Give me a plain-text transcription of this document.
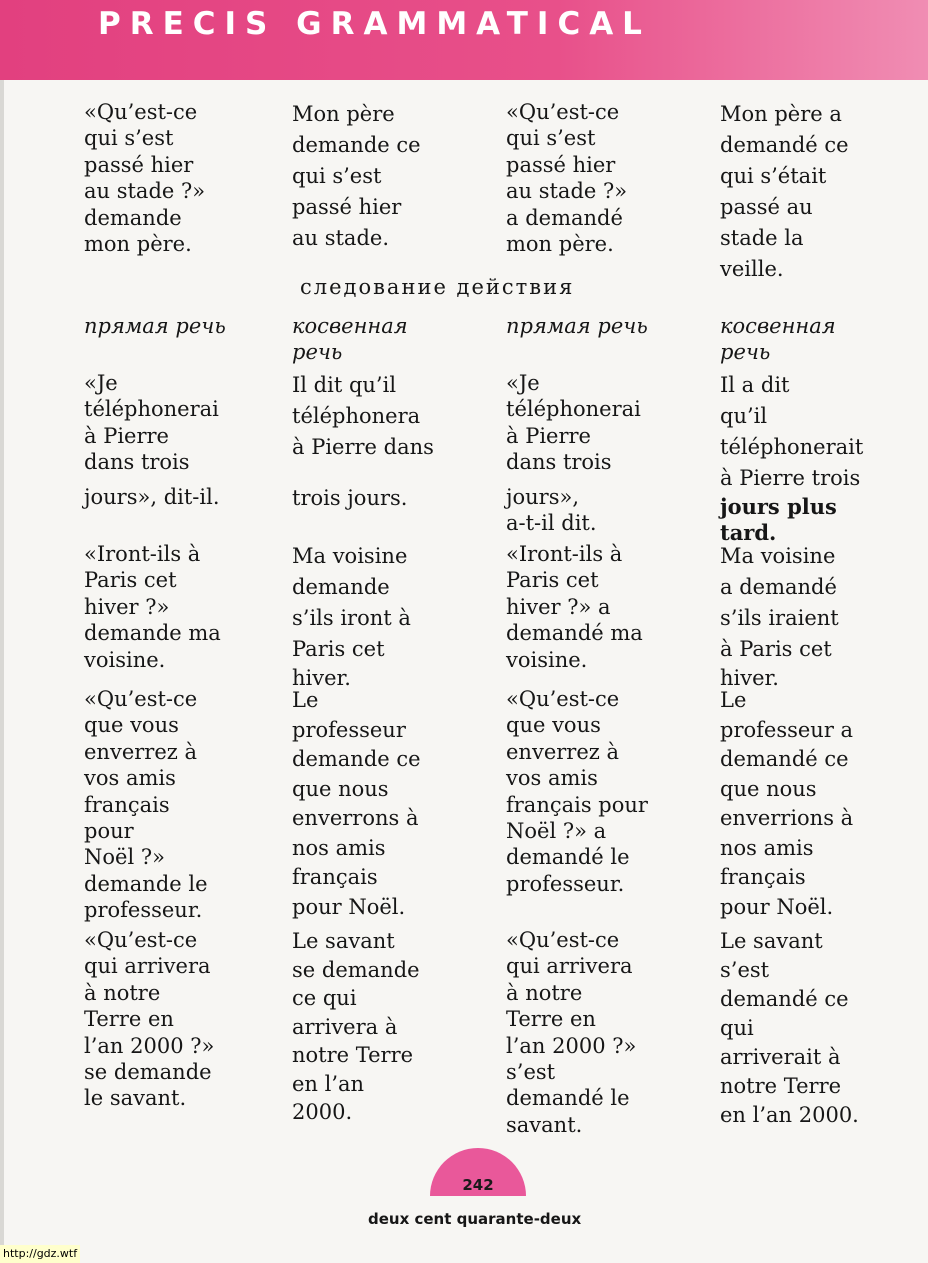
PRECIS GRAMMATICAL
«Qu’est-ce
qui s’est
passé hier
au stade ?»
demande
mon père.
Mon père
demande ce
qui s’est
passé hier
au stade.
«Qu’est-ce
qui s’est
passé hier
au stade ?»
a demandé
mon père.
Mon père a
demandé ce
qui s’était
passé au
stade la
veille.
следование действия
прямая речь	косвенная
речь
прямая речь	косвенная
речь
«Je
téléphonerai
à Pierre
dans trois
jours», dit-il.
Il dit qu’il
téléphonera
à Pierre dans
trois jours.
«Je
téléphonerai
à Pierre
dans trois
jours»,
a-t-il dit.
Il a dit
qu’il
téléphonerait
à Pierre trois
jours plus
tard.
«Iront-ils à
Paris cet
hiver ?»
demande ma
voisine.
Ma voisine
demande
s’ils iront à
Paris cet
hiver.
«Iront-ils à
Paris cet
hiver ?» a
demandé ma
voisine.
Ma voisine
a demandé
s’ils iraient
à Paris cet
hiver.
«Qu’est-ce
que vous
enverrez à
vos amis
français
pour
Noël ?»
demande le
professeur.
Le
professeur
demande ce
que nous
enverrons à
nos amis
français
pour Noël.
«Qu’est-ce
que vous
enverrez à
vos amis
français pour
Noël ?» a
demandé le
professeur.
Le
professeur a
demandé ce
que nous
enverrions à
nos amis
français
pour Noël.
«Qu’est-ce
qui arrivera
à notre
Terre en
l’an 2000 ?»
se demande
le savant.
Le savant
se demande
ce qui
arrivera à
notre Terre
en l’an
2000.
«Qu’est-ce
qui arrivera
à notre
Terre en
l’an 2000 ?»
s’est
demandé le
savant.
Le savant
s’est
demandé ce
qui
arriverait à
notre Terre
en l’an 2000.
242
deux cent quarante-deux
http://gdz.wtf
